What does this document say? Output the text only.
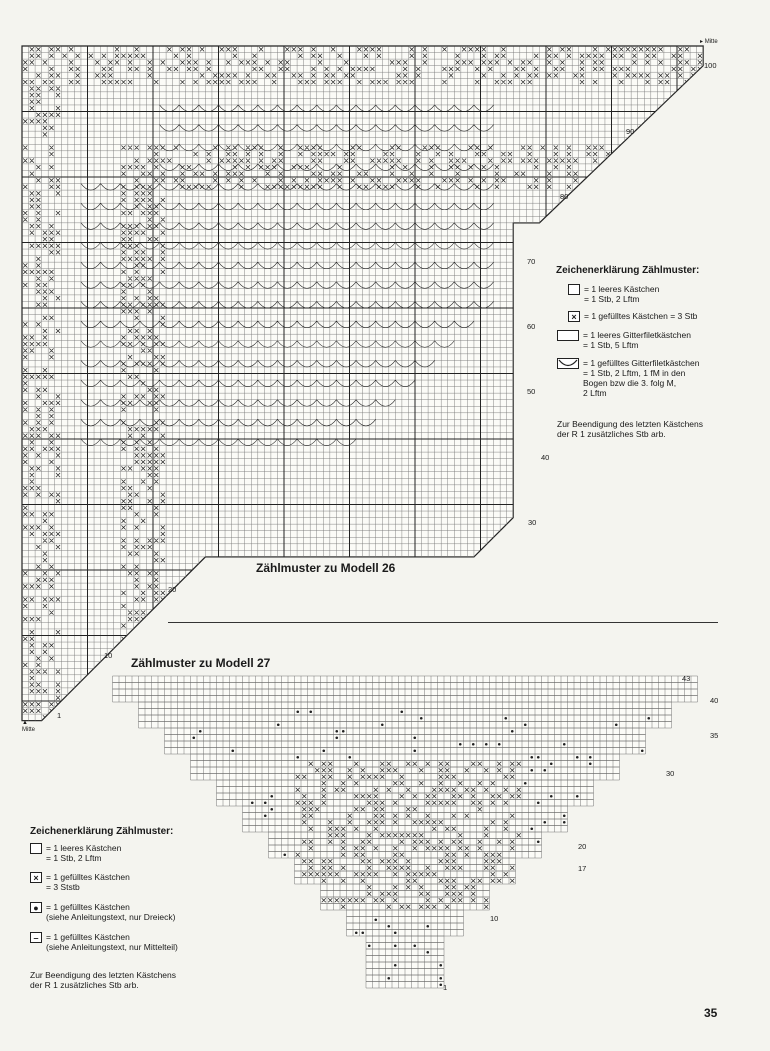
▸ Mitte
▲
Mitte
100
90
80
70
60
50
40
30
20
10
1
Zählmuster zu Modell 26
Zeichenerklärung Zählmuster:
= 1 leeres Kästchen
= 1 Stb, 2 Lftm
× = 1 gefülltes Kästchen = 3 Stb
= 1 leeres Gitterfiletkästchen
= 1 Stb, 5 Lftm
= 1 gefülltes Gitterfiletkästchen
= 1 Stb, 2 Lftm, 1 fM in den
Bogen bzw die 3. folg M,
2 Lftm
Zur Beendigung des letzten Kästchens
der R 1 zusätzliches Stb arb.
Zählmuster zu Modell 27
43
40
35
30
20
17
10
1
Zeichenerklärung Zählmuster:
= 1 leeres Kästchen
= 1 Stb, 2 Lftm
× = 1 gefülltes Kästchen
= 3 Ststb
● = 1 gefülltes Kästchen
(siehe Anleitungstext, nur Dreieck)
– = 1 gefülltes Kästchen
(siehe Anleitungstext, nur Mittelteil)
Zur Beendigung des letzten Kästchens
der R 1 zusätzliches Stb arb.
35
